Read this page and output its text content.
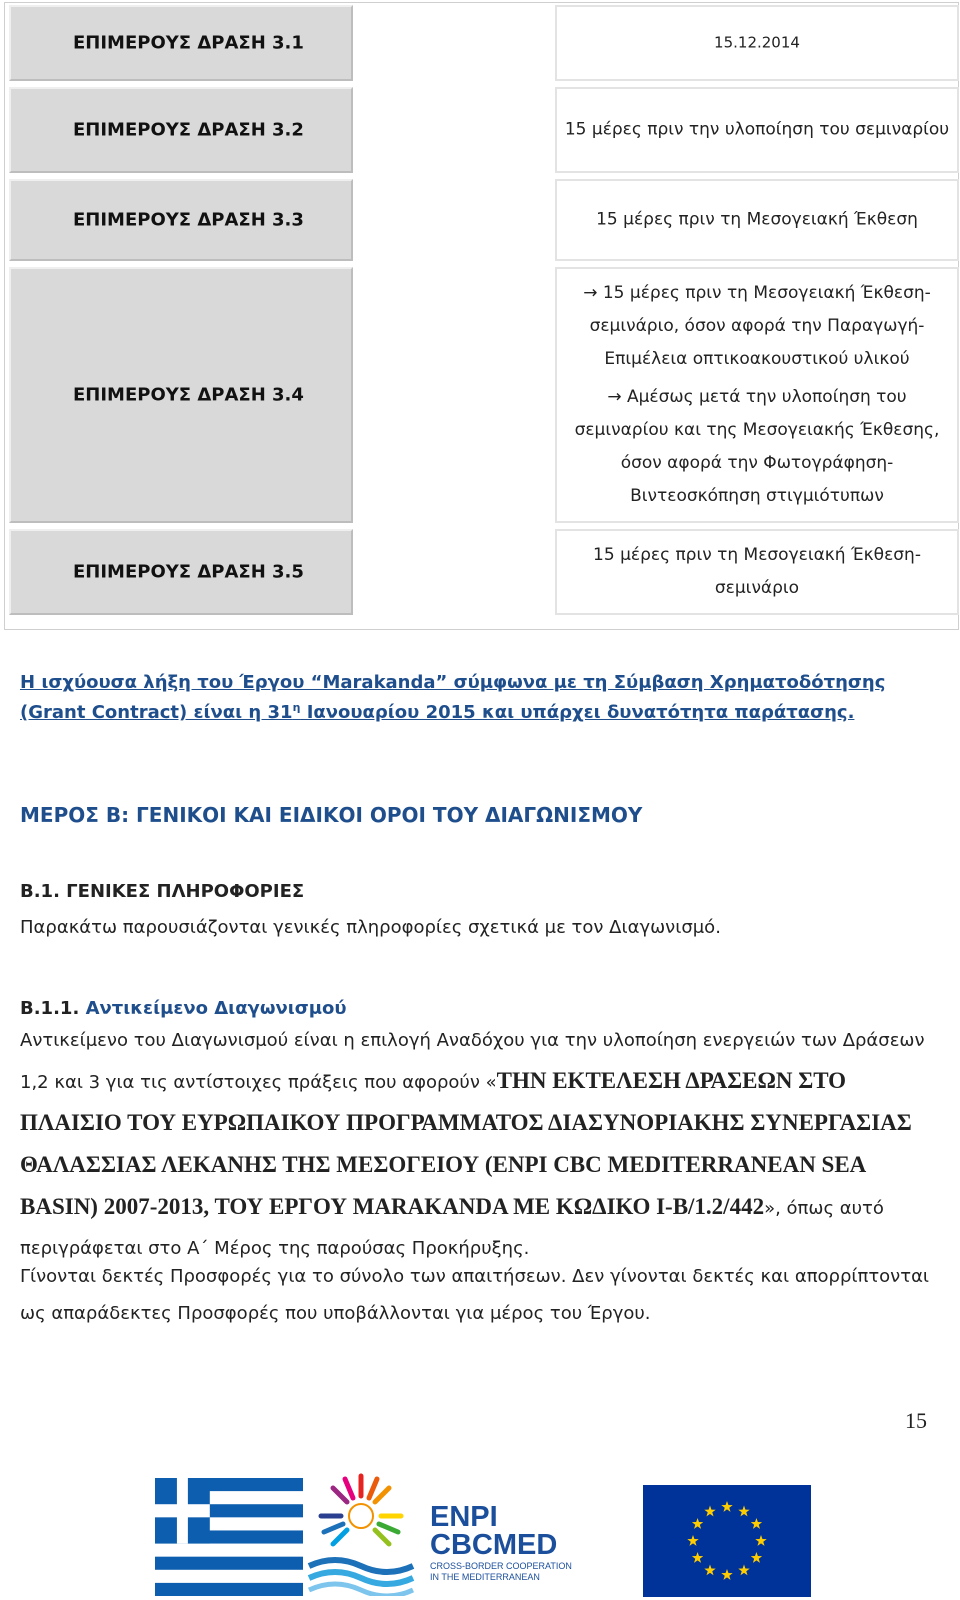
ΕΠΙΜΕΡΟΥΣ ΔΡΑΣΗ 3.1	15.12.2014
ΕΠΙΜΕΡΟΥΣ ΔΡΑΣΗ 3.2	15 μέρες πριν την υλοποίηση του σεμιναρίου
ΕΠΙΜΕΡΟΥΣ ΔΡΑΣΗ 3.3	15 μέρες πριν τη Μεσογειακή Έκθεση
ΕΠΙΜΕΡΟΥΣ ΔΡΑΣΗ 3.4
→ 15 μέρες πριν τη Μεσογειακή Έκθεση-
σεμινάριο, όσον αφορά την Παραγωγή-
Επιμέλεια οπτικοακουστικού υλικού
→ Αμέσως μετά την υλοποίηση του
σεμιναρίου και της Μεσογειακής Έκθεσης,
όσον αφορά την Φωτογράφηση-
Βιντεοσκόπηση στιγμιότυπων
ΕΠΙΜΕΡΟΥΣ ΔΡΑΣΗ 3.5
15 μέρες πριν τη Μεσογειακή Έκθεση-
σεμινάριο
Η ισχύουσα λήξη του Έργου “Marakanda” σύμφωνα με τη Σύμβαση Χρηματοδότησης (Grant Contract) είναι η $31^\eta$ Ιανουαρίου 2015 και υπάρχει δυνατότητα παράτασης.
ΜΕΡΟΣ Β: ΓΕΝΙΚΟΙ ΚΑΙ ΕΙΔΙΚΟΙ ΟΡΟΙ ΤΟΥ ΔΙΑΓΩΝΙΣΜΟΥ
Β.1. ΓΕΝΙΚΕΣ ΠΛΗΡΟΦΟΡΙΕΣ
Παρακάτω παρουσιάζονται γενικές πληροφορίες σχετικά με τον Διαγωνισμό.
Β.1.1. Αντικείμενο Διαγωνισμού
Αντικείμενο του Διαγωνισμού είναι η επιλογή Αναδόχου για την υλοποίηση ενεργειών των Δράσεων 1,2 και 3 για τις αντίστοιχες πράξεις που αφορούν «ΤΗΝ ΕΚΤΕΛΕΣΗ ΔΡΑΣΕΩΝ ΣΤΟ ΠΛΑΙΣΙΟ ΤΟΥ ΕΥΡΩΠΑΙΚΟΥ ΠΡΟΓΡΑΜΜΑΤΟΣ ΔΙΑΣΥΝΟΡΙΑΚΗΣ ΣΥΝΕΡΓΑΣΙΑΣ ΘΑΛΑΣΣΙΑΣ ΛΕΚΑΝΗΣ ΤΗΣ ΜΕΣΟΓΕΙΟΥ (ENPI CBC MEDITERRANEAN SEA BASIN) 2007-2013, ΤΟΥ ΕΡΓΟΥ MARAKANDA ΜΕ ΚΩΔΙΚΟ I-B/1.2/442», όπως αυτό περιγράφεται στο Α΄ Μέρος της παρούσας Προκήρυξης.
Γίνονται δεκτές Προσφορές για το σύνολο των απαιτήσεων. Δεν γίνονται δεκτές και απορρίπτονται ως απαράδεκτες Προσφορές που υποβάλλονται για μέρος του Έργου.
15
ENPI
CBCMED
CROSS-BORDER COOPERATION
IN THE MEDITERRANEAN
